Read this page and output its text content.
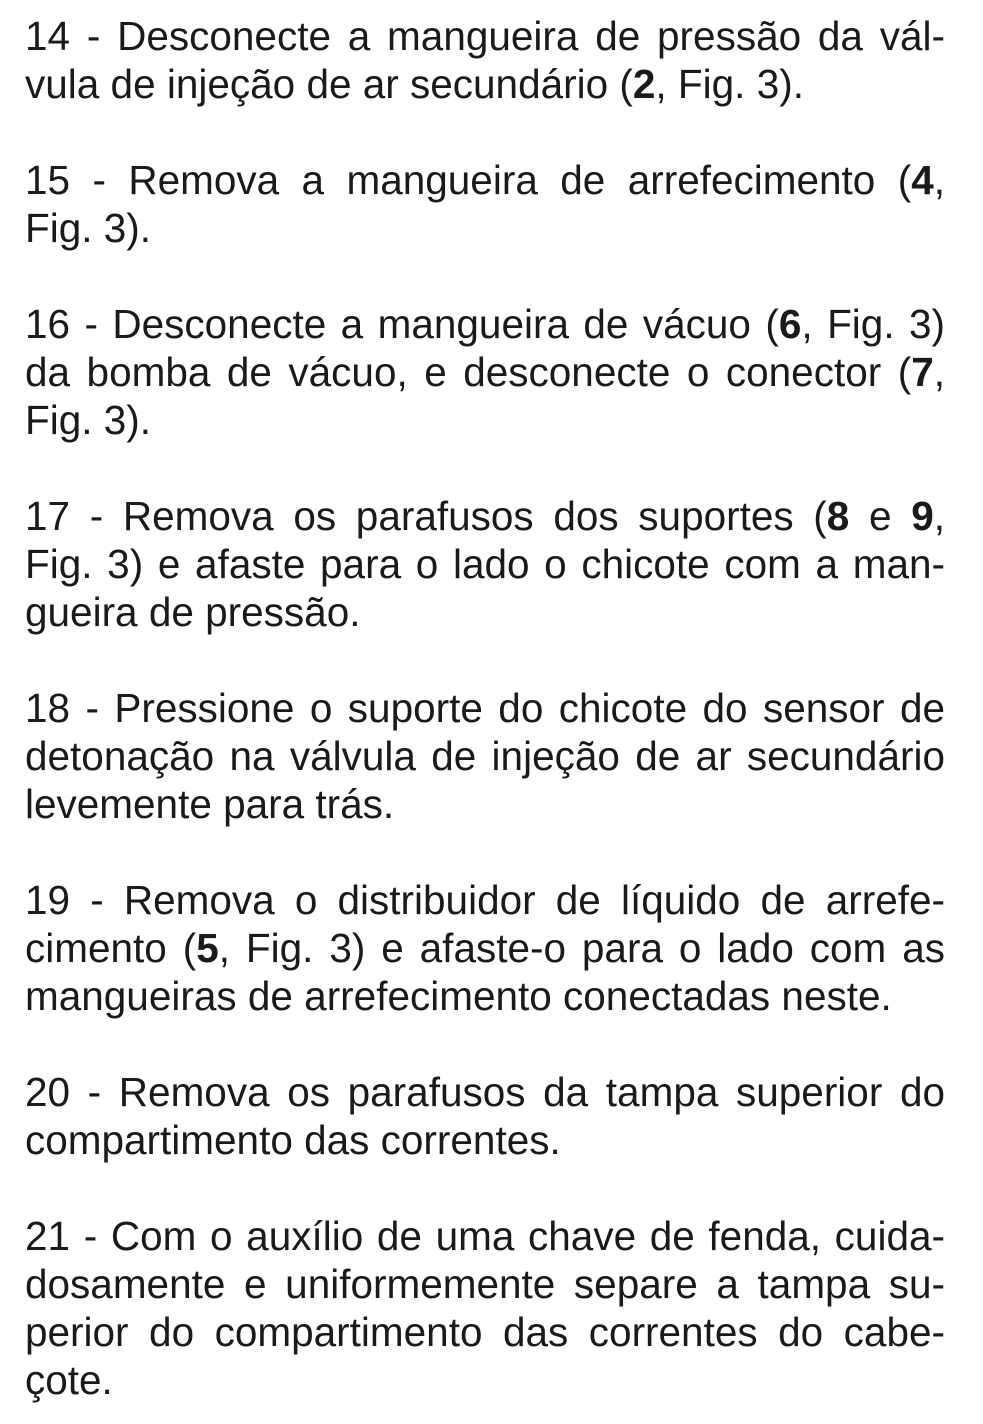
14 - Desconecte a mangueira de pressão da vál-
vula de injeção de ar secundário (2, Fig. 3).
15 - Remova a mangueira de arrefecimento (4,
Fig. 3).
16 - Desconecte a mangueira de vácuo (6, Fig. 3)
da bomba de vácuo, e desconecte o conector (7,
Fig. 3).
17 - Remova os parafusos dos suportes (8 e 9,
Fig. 3) e afaste para o lado o chicote com a man-
gueira de pressão.
18 - Pressione o suporte do chicote do sensor de
detonação na válvula de injeção de ar secundário
levemente para trás.
19 - Remova o distribuidor de líquido de arrefe-
cimento (5, Fig. 3) e afaste-o para o lado com as
mangueiras de arrefecimento conectadas neste.
20 - Remova os parafusos da tampa superior do
compartimento das correntes.
21 - Com o auxílio de uma chave de fenda, cuida-
dosamente e uniformemente separe a tampa su-
perior do compartimento das correntes do cabe-
çote.
